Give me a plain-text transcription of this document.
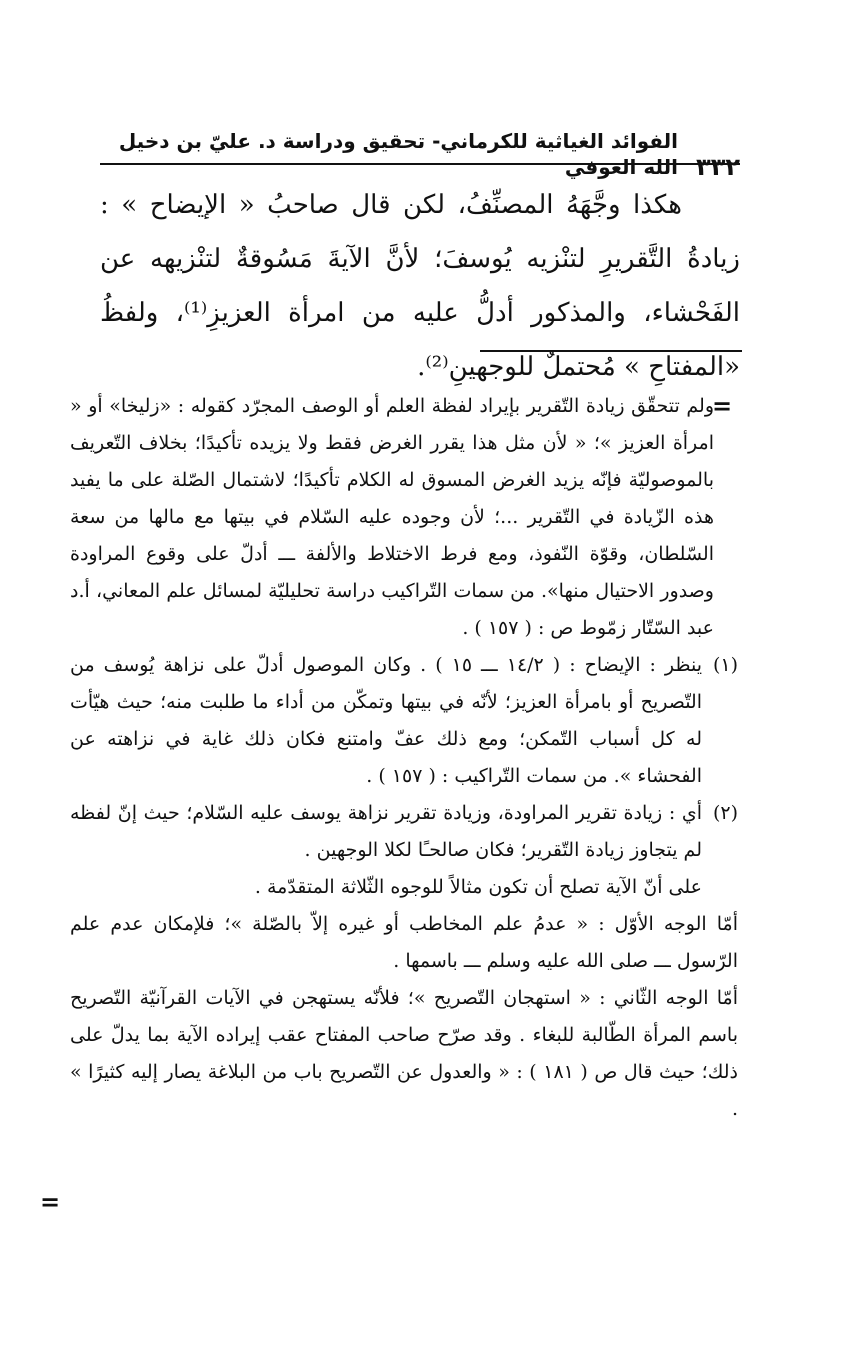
٣٣٢
الفوائد الغياثية للكرماني- تحقيق ودراسة د. عليّ بن دخيل الله العوفي

هكذا وجَّهَهُ المصنِّفُ، لكن قال صاحبُ « الإيضاح » : زيادةُ التَّقريرِ لتنْزيه يُوسفَ؛ لأنَّ الآيةَ مَسُوقةٌ لتنْزيهه عن الفَحْشاء، والمذكور أدلُّ عليه من امرأة العزيزِ⁽¹⁾، ولفظُ «المفتاحِ » مُحتملٌ للوجهينِ⁽²⁾.

=

ولم تتحقّق زيادة التّقرير بإيراد لفظة العلم أو الوصف المجرّد كقوله : «زليخا» أو « امرأة العزيز »؛ « لأن مثل هذا يقرر الغرض فقط ولا يزيده تأكيدًا؛ بخلاف التّعريف بالموصوليّة فإنّه يزيد الغرض المسوق له الكلام تأكيدًا؛ لاشتمال الصّلة على ما يفيد هذه الزّيادة في التّقرير ...؛ لأن وجوده عليه السّلام في بيتها مع مالها من سعة السّلطان، وقوّة النّفوذ، ومع فرط الاختلاط والألفة ـــ أدلّ على وقوع المراودة وصدور الاحتيال منها». من سمات التّراكيب دراسة تحليليّة لمسائل علم المعاني، أ.د عبد السّتّار زمّوط ص : ( ١٥٧ ) .

(١)
ينظر : الإيضاح : ( ١٤/٢ ـــ ١٥ ) . وكان الموصول أدلّ على نزاهة يُوسف من التّصريح أو بامرأة العزيز؛ لأنّه في بيتها وتمكّن من أداء ما طلبت منه؛ حيث هيّأت له كل أسباب التّمكن؛ ومع ذلك عفّ وامتنع فكان ذلك غاية في نزاهته عن الفحشاء ». من سمات التّراكيب : ( ١٥٧ ) .

(٢)
أي : زيادة تقرير المراودة، وزيادة تقرير نزاهة يوسف عليه السّلام؛ حيث إنّ لفظه لم يتجاوز زيادة التّقرير؛ فكان صالحـًا لكلا الوجهين .

على أنّ الآية تصلح أن تكون مثالاً للوجوه الثّلاثة المتقدّمة .

أمّا الوجه الأوّل : « عدمُ علم المخاطب أو غيره إلاّ بالصّلة »؛ فلإمكان عدم علم الرّسول ـــ صلى الله عليه وسلم ـــ باسمها .

أمّا الوجه الثّاني : « استهجان التّصريح »؛ فلأنّه يستهجن في الآيات القرآنيّة التّصريح باسم المرأة الطّالبة للبغاء . وقد صرّح صاحب المفتاح عقب إيراده الآية بما يدلّ على ذلك؛ حيث قال ص ( ١٨١ ) : « والعدول عن التّصريح باب من البلاغة يصار إليه كثيرًا » .

=
